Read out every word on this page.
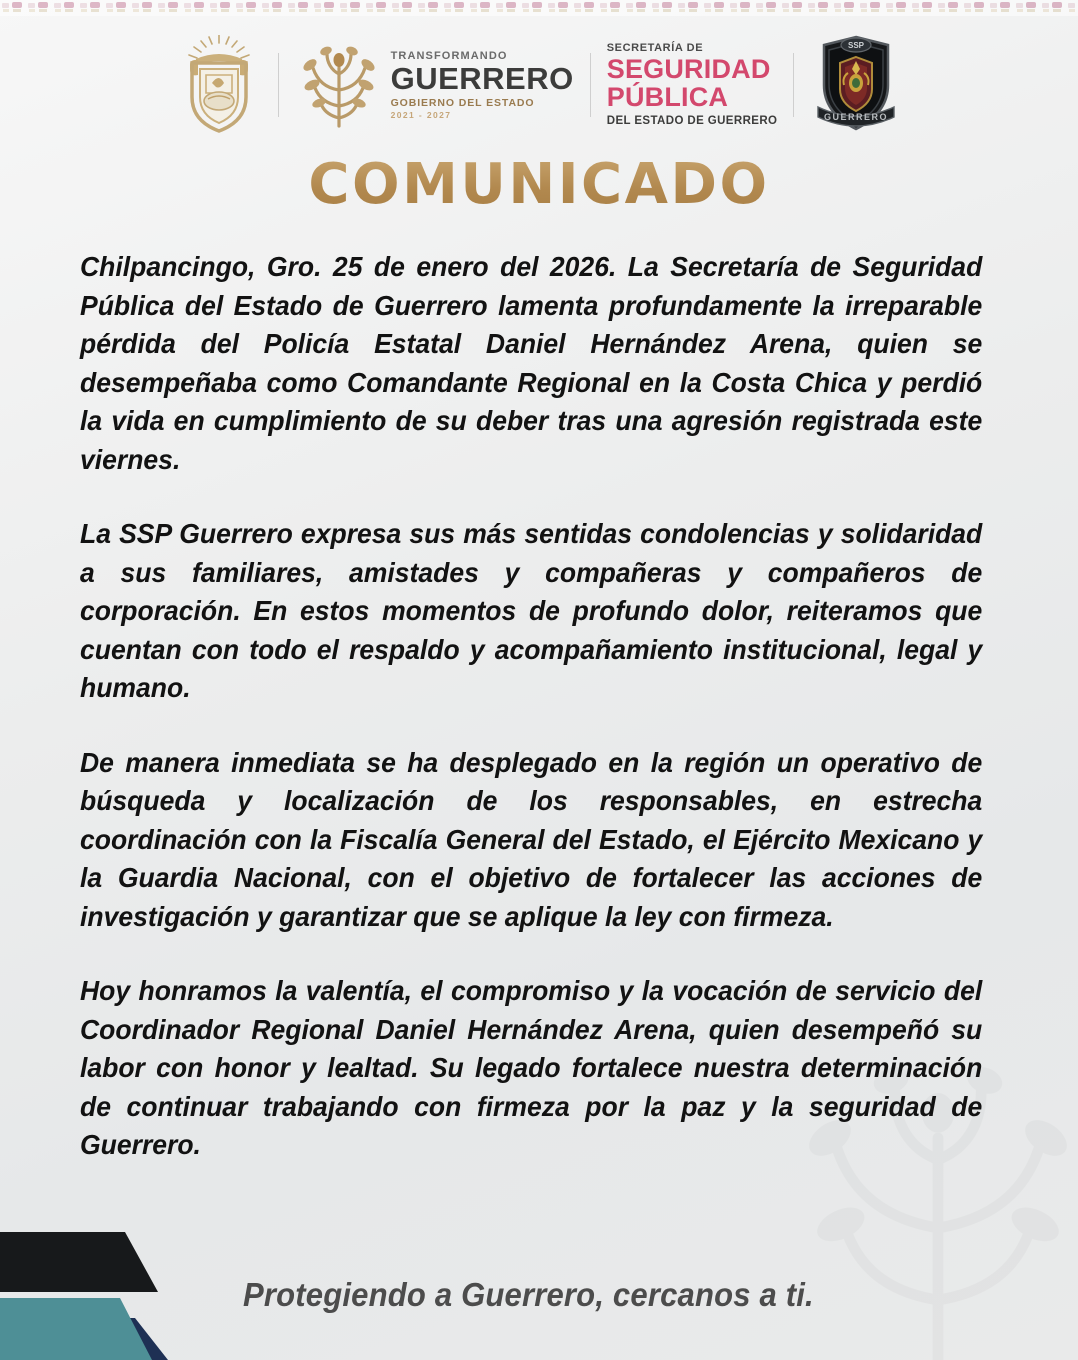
TRANSFORMANDO
GUERRERO
GOBIERNO DEL ESTADO
2021 - 2027
SECRETARÍA DE
SEGURIDAD
PÚBLICA
DEL ESTADO DE GUERRERO
SSP
GUERRERO
COMUNICADO

Chilpancingo, Gro. 25 de enero del 2026. La Secretaría de Seguridad Pública del Estado de Guerrero lamenta profundamente la irreparable pérdida del Policía Estatal Daniel Hernández Arena, quien se desempeñaba como Comandante Regional en la Costa Chica y perdió la vida en cumplimiento de su deber tras una agresión registrada este viernes.

La SSP Guerrero expresa sus más sentidas condolencias y solidaridad a sus familiares, amistades y compañeras y compañeros de corporación. En estos momentos de profundo dolor, reiteramos que cuentan con todo el respaldo y acompañamiento institucional, legal y humano.

De manera inmediata se ha desplegado en la región un operativo de búsqueda y localización de los responsables, en estrecha coordinación con la Fiscalía General del Estado, el Ejército Mexicano y la Guardia Nacional, con el objetivo de fortalecer las acciones de investigación y garantizar que se aplique la ley con firmeza.

Hoy honramos la valentía, el compromiso y la vocación de servicio del Coordinador Regional Daniel Hernández Arena, quien desempeñó su labor con honor y lealtad. Su legado fortalece nuestra determinación de continuar trabajando con firmeza por la paz y la seguridad de Guerrero.

Protegiendo a Guerrero, cercanos a ti.
